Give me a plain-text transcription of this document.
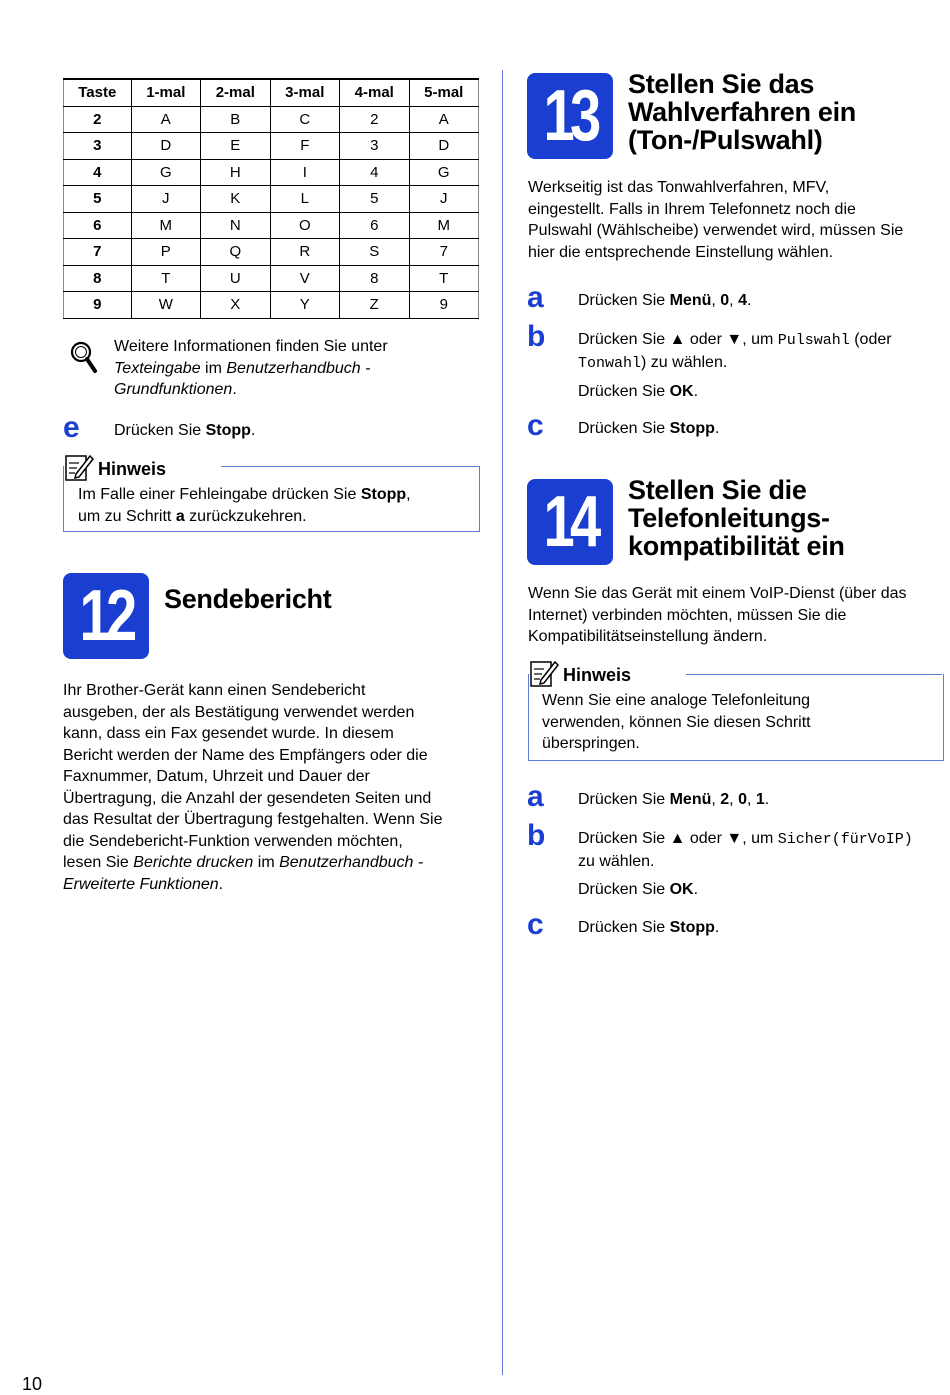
Taste	1-mal	2-mal	3-mal	4-mal	5-mal
2	A	B	C	2	A
3	D	E	F	3	D
4	G	H	I	4	G
5	J	K	L	5	J
6	M	N	O	6	M
7	P	Q	R	S	7
8	T	U	V	8	T
9	W	X	Y	Z	9
Weitere Informationen finden Sie unter
Texteingabe im Benutzerhandbuch -
Grundfunktionen.
e Drücken Sie Stopp.
Hinweis
Im Falle einer Fehleingabe drücken Sie Stopp,
um zu Schritt a zurückzukehren.
12 Sendebericht
Ihr Brother-Gerät kann einen Sendebericht
ausgeben, der als Bestätigung verwendet werden
kann, dass ein Fax gesendet wurde. In diesem
Bericht werden der Name des Empfängers oder die
Faxnummer, Datum, Uhrzeit und Dauer der
Übertragung, die Anzahl der gesendeten Seiten und
das Resultat der Übertragung festgehalten. Wenn Sie
die Sendebericht-Funktion verwenden möchten,
lesen Sie Berichte drucken im Benutzerhandbuch -
Erweiterte Funktionen.
13 Stellen Sie das
Wahlverfahren ein
(Ton-/Pulswahl)
Werkseitig ist das Tonwahlverfahren, MFV,
eingestellt. Falls in Ihrem Telefonnetz noch die
Pulswahl (Wählscheibe) verwendet wird, müssen Sie
hier die entsprechende Einstellung wählen.
a Drücken Sie Menü, 0, 4.
b Drücken Sie ▲ oder ▼, um Pulswahl (oder
Tonwahl) zu wählen.
Drücken Sie OK.
c Drücken Sie Stopp.
14 Stellen Sie die
Telefonleitungs-
kompatibilität ein
Wenn Sie das Gerät mit einem VoIP-Dienst (über das
Internet) verbinden möchten, müssen Sie die
Kompatibilitätseinstellung ändern.
Hinweis
Wenn Sie eine analoge Telefonleitung
verwenden, können Sie diesen Schritt
überspringen.
a Drücken Sie Menü, 2, 0, 1.
b Drücken Sie ▲ oder ▼, um Sicher(fürVoIP)
zu wählen.
Drücken Sie OK.
c Drücken Sie Stopp.
10
